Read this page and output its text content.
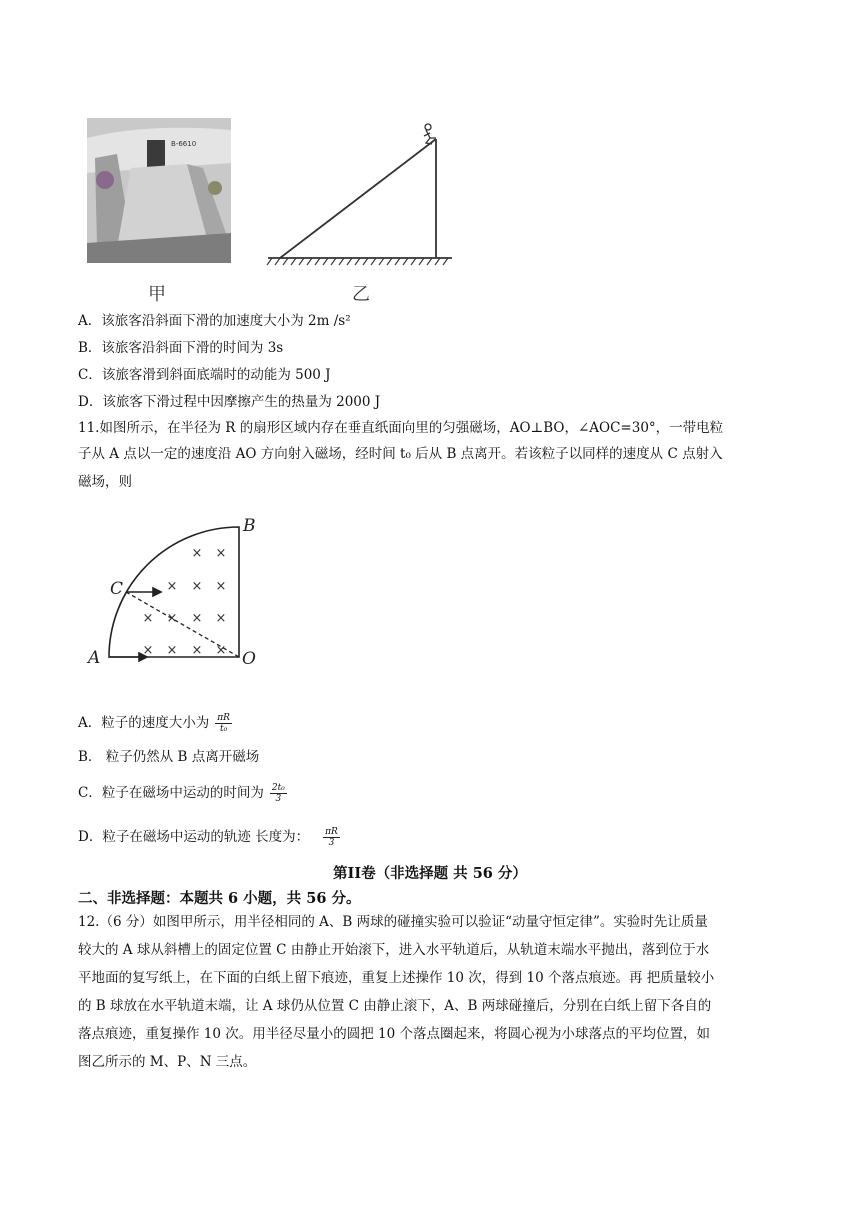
B-6610
甲	乙
A．该旅客沿斜面下滑的加速度大小为 2m /s²
B．该旅客沿斜面下滑的时间为 3s
C．该旅客滑到斜面底端时的动能为 500 J
D．该旅客下滑过程中因摩擦产生的热量为 2000 J
11.如图所示，在半径为 R 的扇形区域内存在垂直纸面向里的匀强磁场，AO⊥BO，∠AOC=30°，一带电粒
子从 A 点以一定的速度沿 AO 方向射入磁场，经时间 t₀ 后从 B 点离开。若该粒子以同样的速度从 C 点射入
磁场，则
× ×
× × ×
× × × ×
× × × ×
A
B
C
O
A．粒子的速度大小为 $\frac{\pi R}{\text{t₀}}$
B． 粒子仍然从 B 点离开磁场
C．粒子在磁场中运动的时间为 $\frac{\text{2t₀}}{3}$
D．粒子在磁场中运动的轨迹 长度为： $\frac{\pi R}{3}$
第II卷（非选择题 共 56 分）
二、非选择题：本题共 6 小题，共 56 分。
12.（6 分）如图甲所示，用半径相同的 A、B 两球的碰撞实验可以验证“动量守恒定律”。实验时先让质量
较大的 A 球从斜槽上的固定位置 C 由静止开始滚下，进入水平轨道后，从轨道末端水平抛出，落到位于水
平地面的复写纸上，在下面的白纸上留下痕迹，重复上述操作 10 次，得到 10 个落点痕迹。再 把质量较小
的 B 球放在水平轨道末端，让 A 球仍从位置 C 由静止滚下，A、B 两球碰撞后，分别在白纸上留下各自的
落点痕迹，重复操作 10 次。用半径尽量小的圆把 10 个落点圈起来，将圆心视为小球落点的平均位置，如
图乙所示的 M、P、N 三点。
